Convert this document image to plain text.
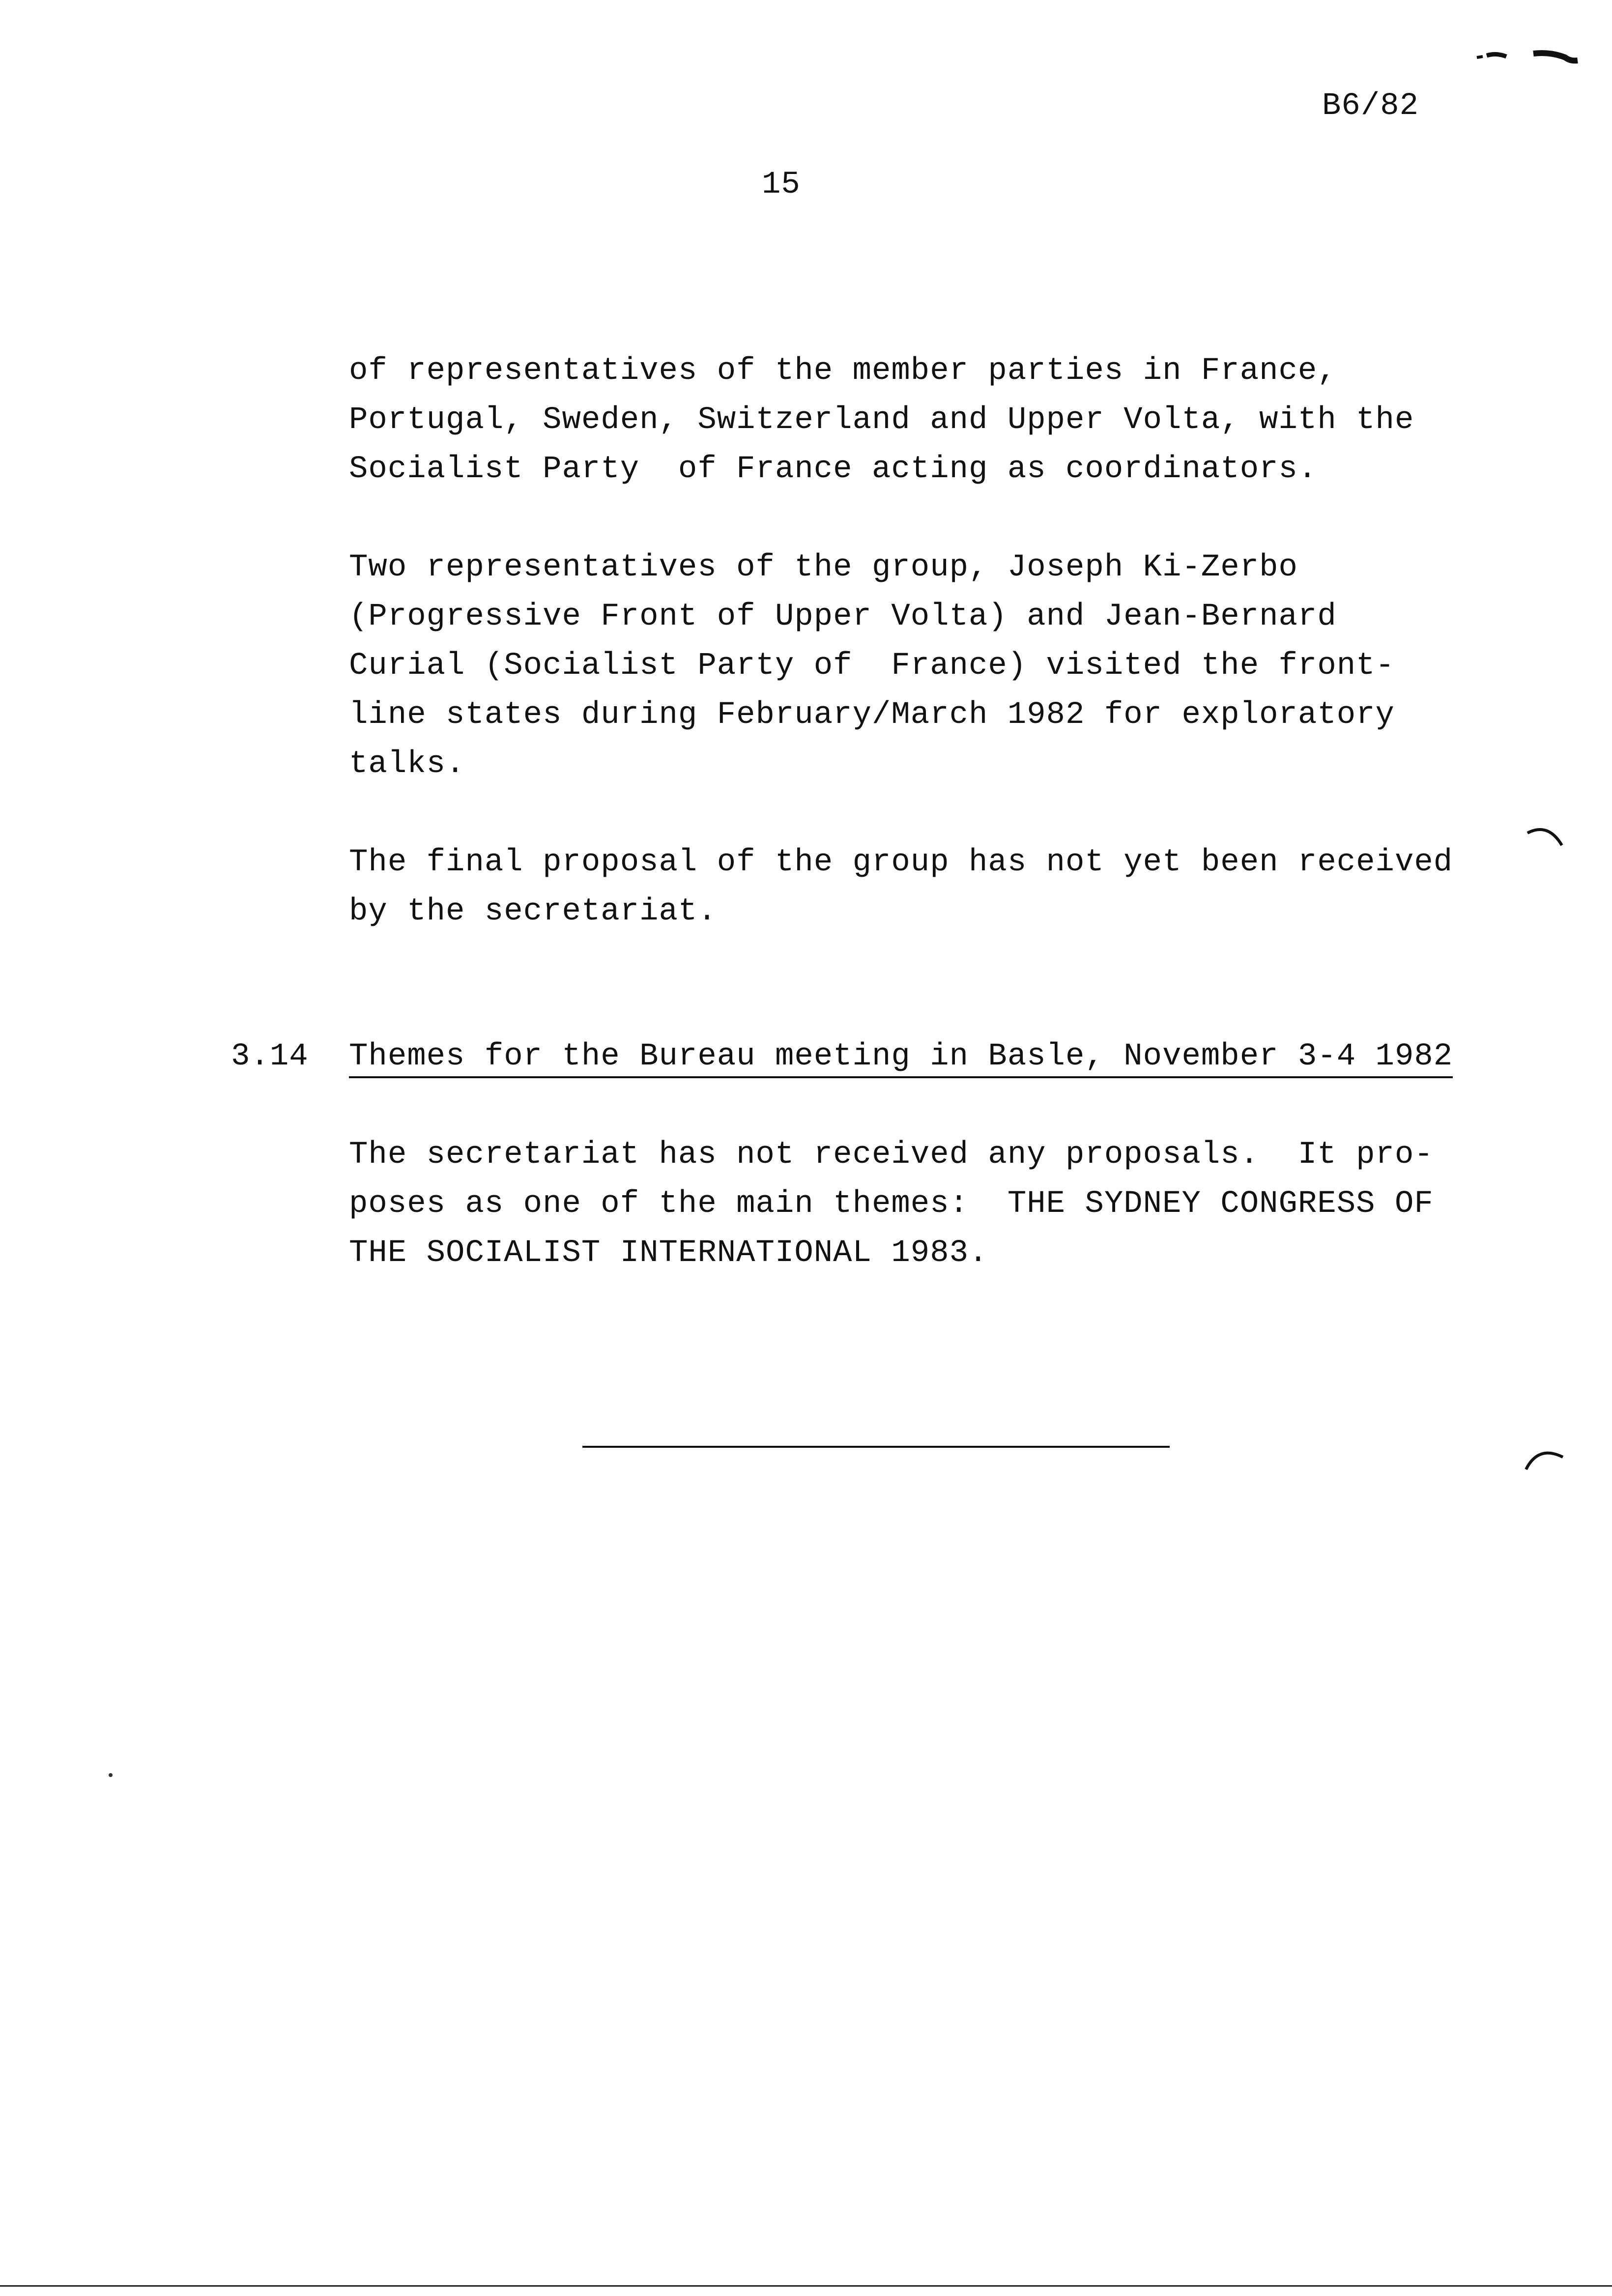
B6/82
15
of representatives of the member parties in France,
Portugal, Sweden, Switzerland and Upper Volta, with the
Socialist Party  of France acting as coordinators.
Two representatives of the group, Joseph Ki-Zerbo
(Progressive Front of Upper Volta) and Jean-Bernard
Curial (Socialist Party of  France) visited the front-
line states during February/March 1982 for exploratory
talks.
The final proposal of the group has not yet been received
by the secretariat.
3.14 Themes for the Bureau meeting in Basle, November 3-4 1982
The secretariat has not received any proposals.  It pro-
poses as one of the main themes:  THE SYDNEY CONGRESS OF
THE SOCIALIST INTERNATIONAL 1983.
